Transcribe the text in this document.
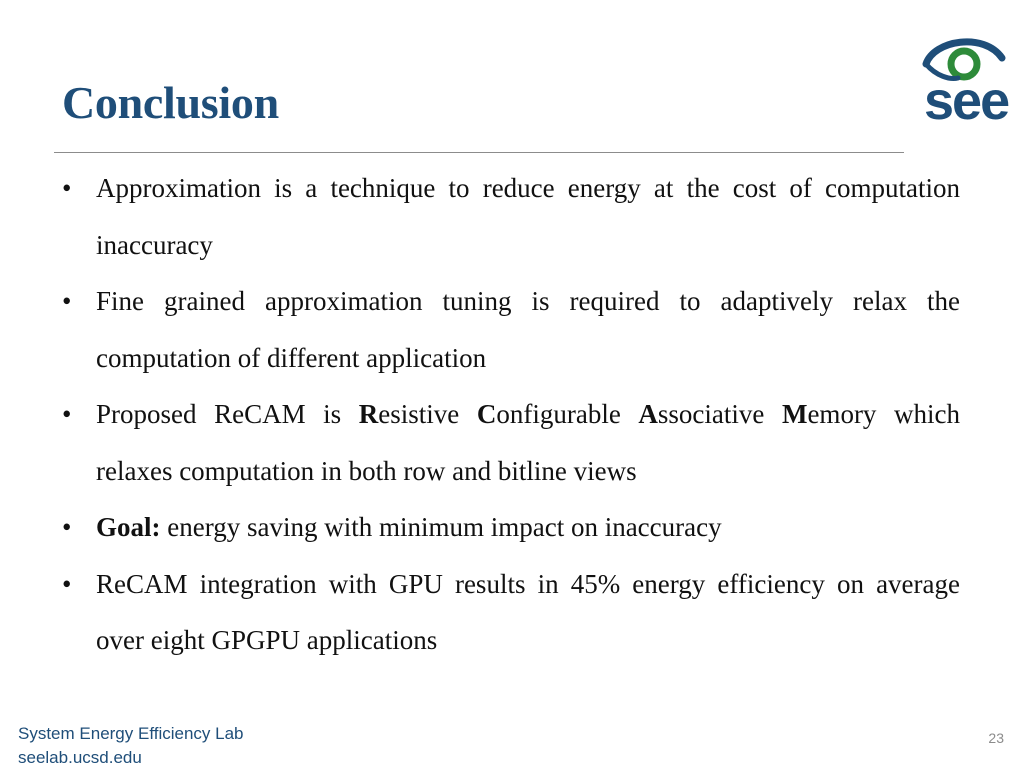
Conclusion	see
• Approximation is a technique to reduce energy at the cost of computation inaccuracy
• Fine grained approximation tuning is required to adaptively relax the computation of different application
• Proposed ReCAM is Resistive Configurable Associative Memory which relaxes computation in both row and bitline views
• Goal: energy saving with minimum impact on inaccuracy
• ReCAM integration with GPU results in 45% energy efficiency on average over eight GPGPU applications
System Energy Efficiency Lab
seelab.ucsd.edu
23
